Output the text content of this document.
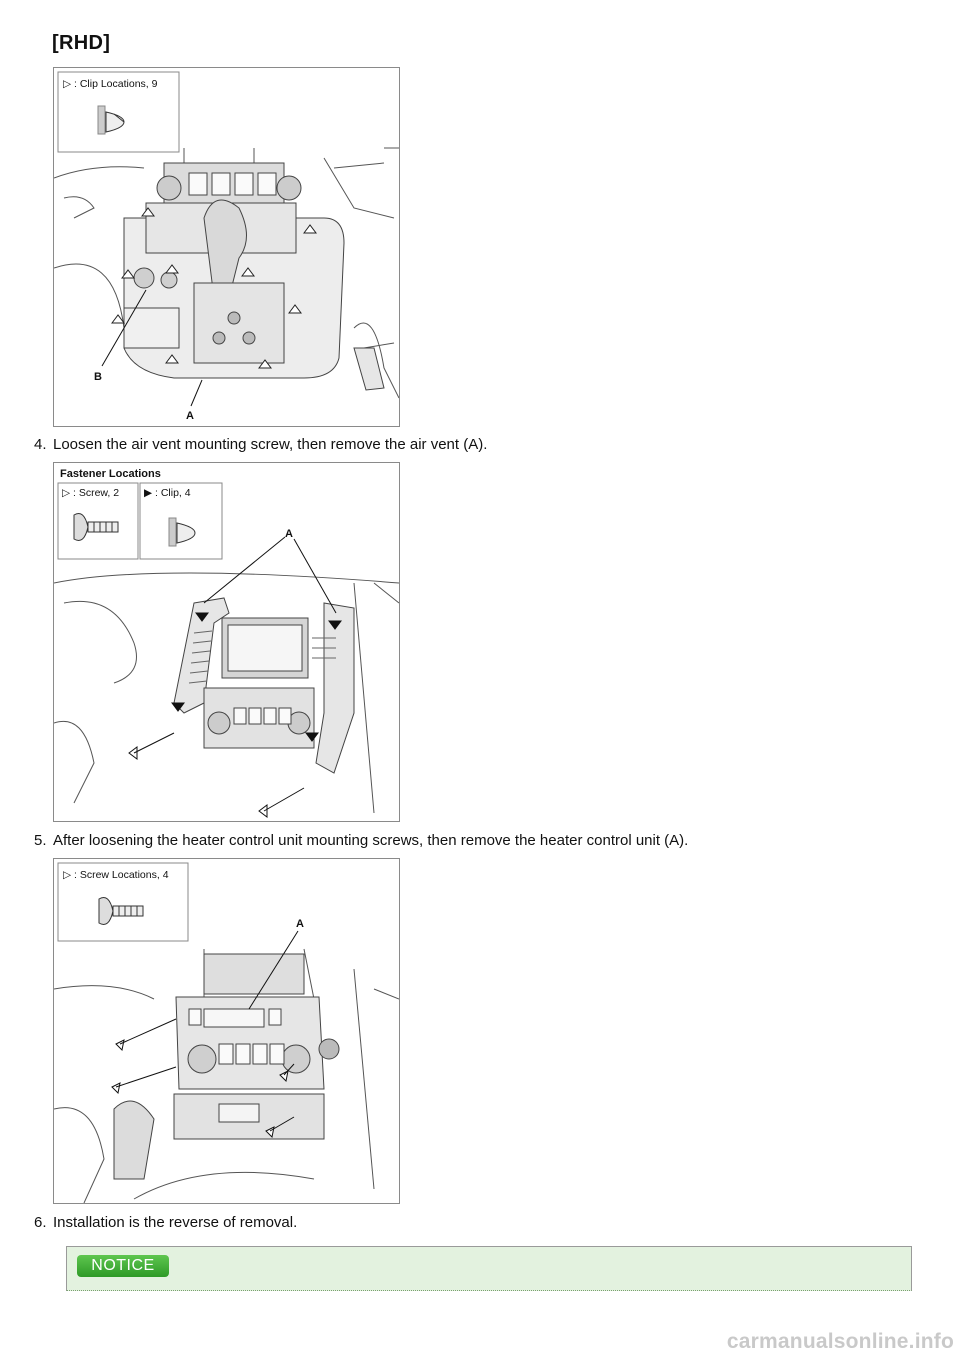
[RHD]
▷ : Clip Locations, 9
B
A
4. Loosen the air vent mounting screw, then remove the air vent (A).
Fastener Locations
▷ : Screw, 2 ▶ : Clip, 4
A
5. After loosening the heater control unit mounting screws, then remove the heater control unit (A).
▷ : Screw Locations, 4
A
6. Installation is the reverse of removal.
NOTICE
carmanualsonline.info
